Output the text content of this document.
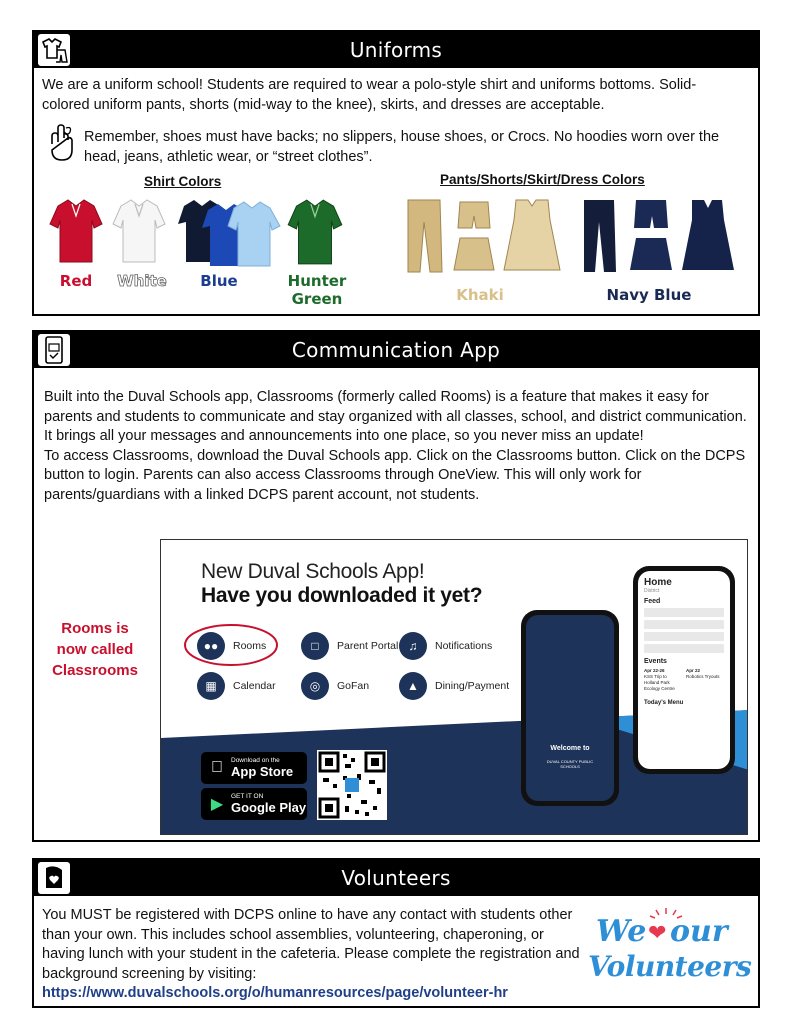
Uniforms
We are a uniform school! Students are required to wear a polo-style shirt and uniforms bottoms. Solid-colored uniform pants, shorts (mid-way to the knee), skirts, and dresses are acceptable.
Remember, shoes must have backs; no slippers, house shoes, or Crocs. No hoodies worn over the head, jeans, athletic wear, or “street clothes”.
Shirt Colors	Pants/Shorts/Skirt/Dress Colors
Red	White	Blue	Hunter Green	Khaki	Navy Blue
Communication App
Built into the Duval Schools app, Classrooms (formerly called Rooms) is a feature that makes it easy for parents and students to communicate and stay organized with all classes, school, and district communication. It brings all your messages and announcements into one place, so you never miss an update!
To access Classrooms, download the Duval Schools app. Click on the Classrooms button. Click on the DCPS button to login. Parents can also access Classrooms through OneView. This will only work for parents/guardians with a linked DCPS parent account, not students.
Rooms is
now called
Classrooms
New Duval Schools App!
Have you downloaded it yet?
●●	Rooms	□	Parent Portal ♫	Notifications
▦	Calendar	◎	GoFan	▲	Dining/Payment
Download on the
App Store
▶	GET IT ON
Google Play
Welcome to
DUVAL COUNTY PUBLIC SCHOOLS
Home
District
Feed
Events
Apr 22-26
KSS Trip to Holland Park Ecology Centre
Apr 22
Robotics Tryouts
Today's Menu
Volunteers
You MUST be registered with DCPS online to have any contact with students other than your own. This includes school assemblies, volunteering, chaperoning, or having lunch with your student in the cafeteria. Please complete the registration and background screening by visiting: https://www.duvalschools.org/o/humanresources/page/volunteer-hr
We ❤ our
Volunteers
